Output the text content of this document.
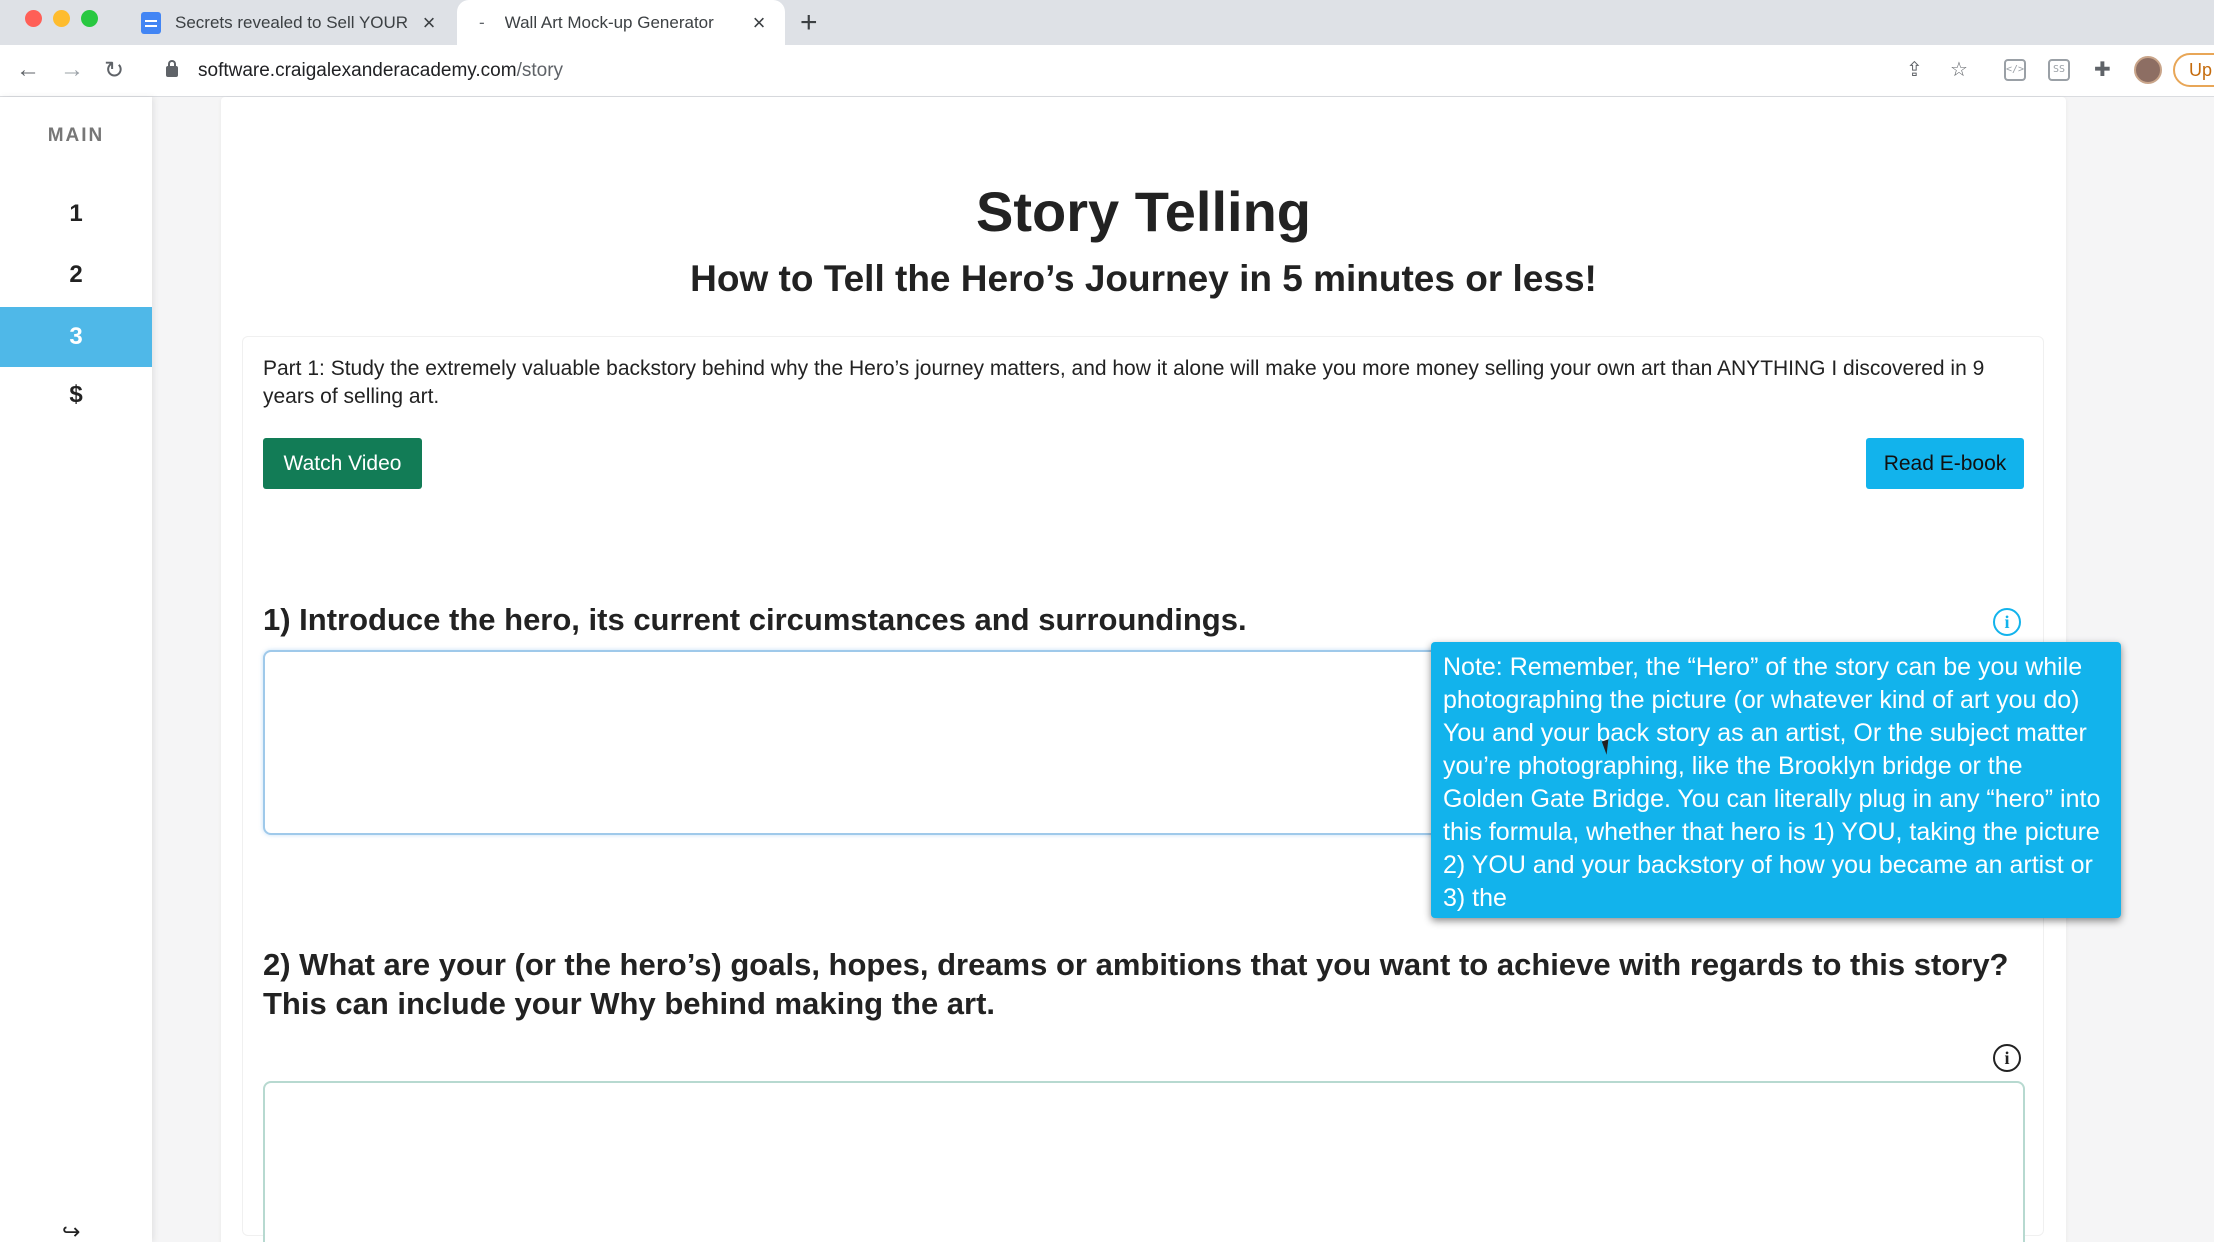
Secrets revealed to Sell YOUR ×	- Wall Art Mock-up Generator	× +
← → ↻	software.craigalexanderacademy.com/story	⇪ ☆	</>	SS ✚	Up
MAIN
1
2
3
$
↪
Story Telling
How to Tell the Hero’s Journey in 5 minutes or less!

Part 1: Study the extremely valuable backstory behind why the Hero’s journey matters, and how it alone will make you more money selling your own art than ANYTHING I discovered in 9 years of selling art.

Watch Video	Read E-book
1) Introduce the hero, its current circumstances and surroundings.	i
2) What are your (or the hero’s) goals, hopes, dreams or ambitions that you want to achieve with regards to this story? This can include your Why behind making the art.
i
Note: Remember, the “Hero” of the story can be you while photographing the picture (or whatever kind of art you do) You and your back story as an artist, Or the subject matter you’re photographing, like the Brooklyn bridge or the Golden Gate Bridge. You can literally plug in any “hero” into this formula, whether that hero is 1) YOU, taking the picture 2) YOU and your backstory of how you became an artist or 3) the
